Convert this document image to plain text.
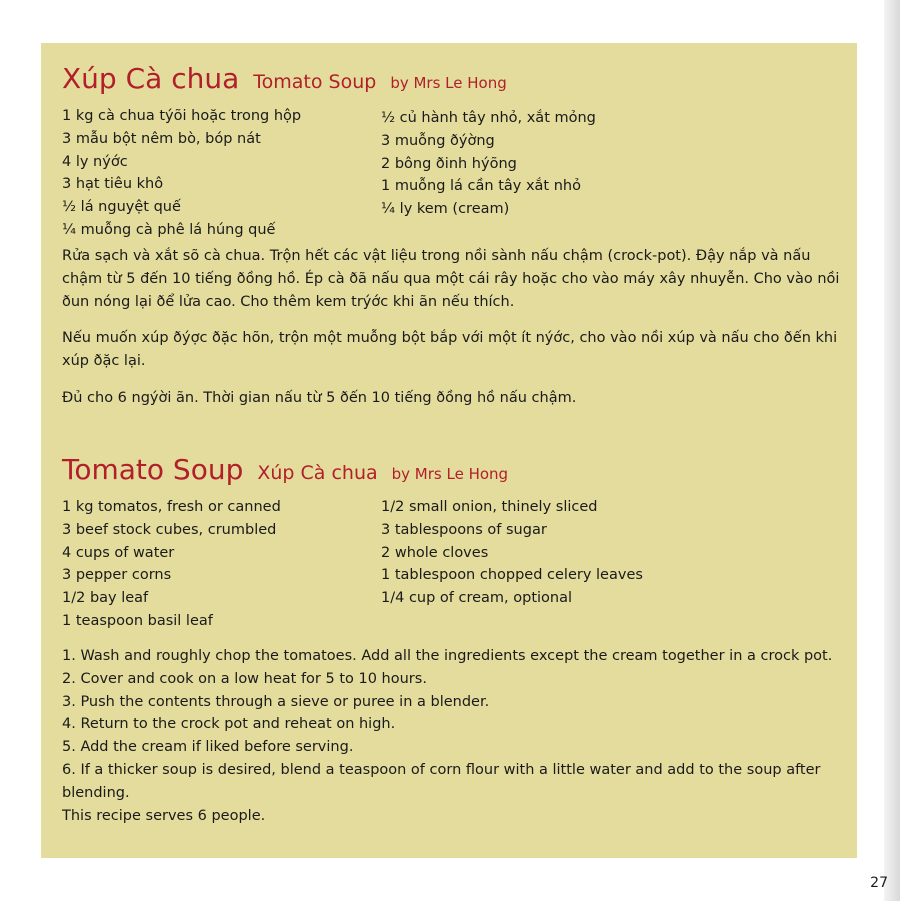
Xúp Cà chua Tomato Soup by Mrs Le Hong
1 kg cà chua týõi hoặc trong hộp
3 mẫu bột nêm bò, bóp nát
4 ly nýớc
3 hạt tiêu khô
½ lá nguyệt quế
¼ muỗng cà phê lá húng quế
½ củ hành tây nhỏ, xắt mỏng
3 muỗng ðýờng
2 bông ðinh hýõng
1 muỗng lá cần tây xắt nhỏ
¼ ly kem (cream)

Rửa sạch và xắt sõ cà chua. Trộn hết các vật liệu trong nồi sành nấu chậm (crock-pot). Đậy nắp và nấu chậm từ 5 đến 10 tiếng ðồng hồ. Ép cà ðã nấu qua một cái rây hoặc cho vào máy xây nhuyễn. Cho vào nồi ðun nóng lại ðể lửa cao. Cho thêm kem trýớc khi ãn nếu thích.

Nếu muốn xúp ðýợc ðặc hõn, trộn một muỗng bột bắp với một ít nýớc, cho vào nồi xúp và nấu cho ðến khi xúp ðặc lại.

Ðủ cho 6 ngýời ãn. Thời gian nấu từ 5 ðến 10 tiếng ðồng hồ nấu chậm.

Tomato Soup Xúp Cà chua by Mrs Le Hong
1 kg tomatos, fresh or canned
3 beef stock cubes, crumbled
4 cups of water
3 pepper corns
1/2 bay leaf
1 teaspoon basil leaf
1/2 small onion, thinely sliced
3 tablespoons of sugar
2 whole cloves
1 tablespoon chopped celery leaves
1/4 cup of cream, optional
1. Wash and roughly chop the tomatoes. Add all the ingredients except the cream together in a crock pot.
2. Cover and cook on a low heat for 5 to 10 hours.
3. Push the contents through a sieve or puree in a blender.
4. Return to the crock pot and reheat on high.
5. Add the cream if liked before serving.
6. If a thicker soup is desired, blend a teaspoon of corn flour with a little water and add to the soup after blending.
This recipe serves 6 people.
27
